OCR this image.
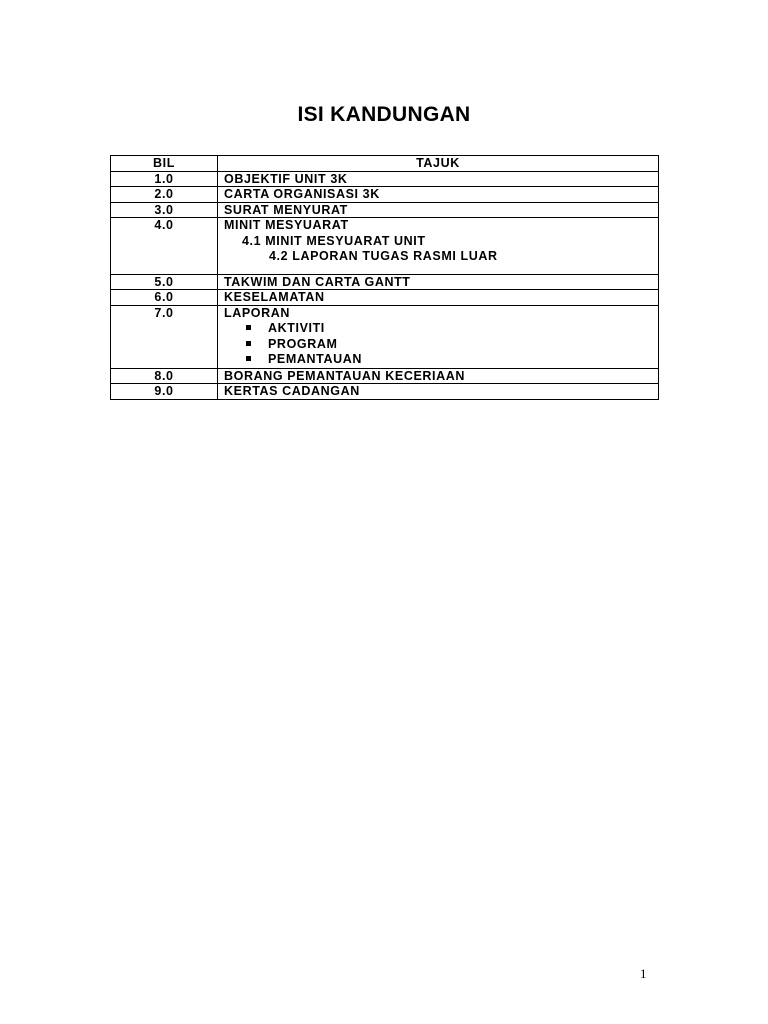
ISI KANDUNGAN
BIL	TAJUK
1.0	OBJEKTIF UNIT 3K
2.0	CARTA ORGANISASI 3K
3.0	SURAT MENYURAT
4.0	MINIT MESYUARAT
4.1 MINIT MESYUARAT UNIT
4.2 LAPORAN TUGAS RASMI LUAR

5.0	TAKWIM DAN CARTA GANTT
6.0	KESELAMATAN
7.0	LAPORAN
AKTIVITI
PROGRAM
PEMANTAUAN

8.0	BORANG PEMANTAUAN KECERIAAN
9.0	KERTAS CADANGAN
1
